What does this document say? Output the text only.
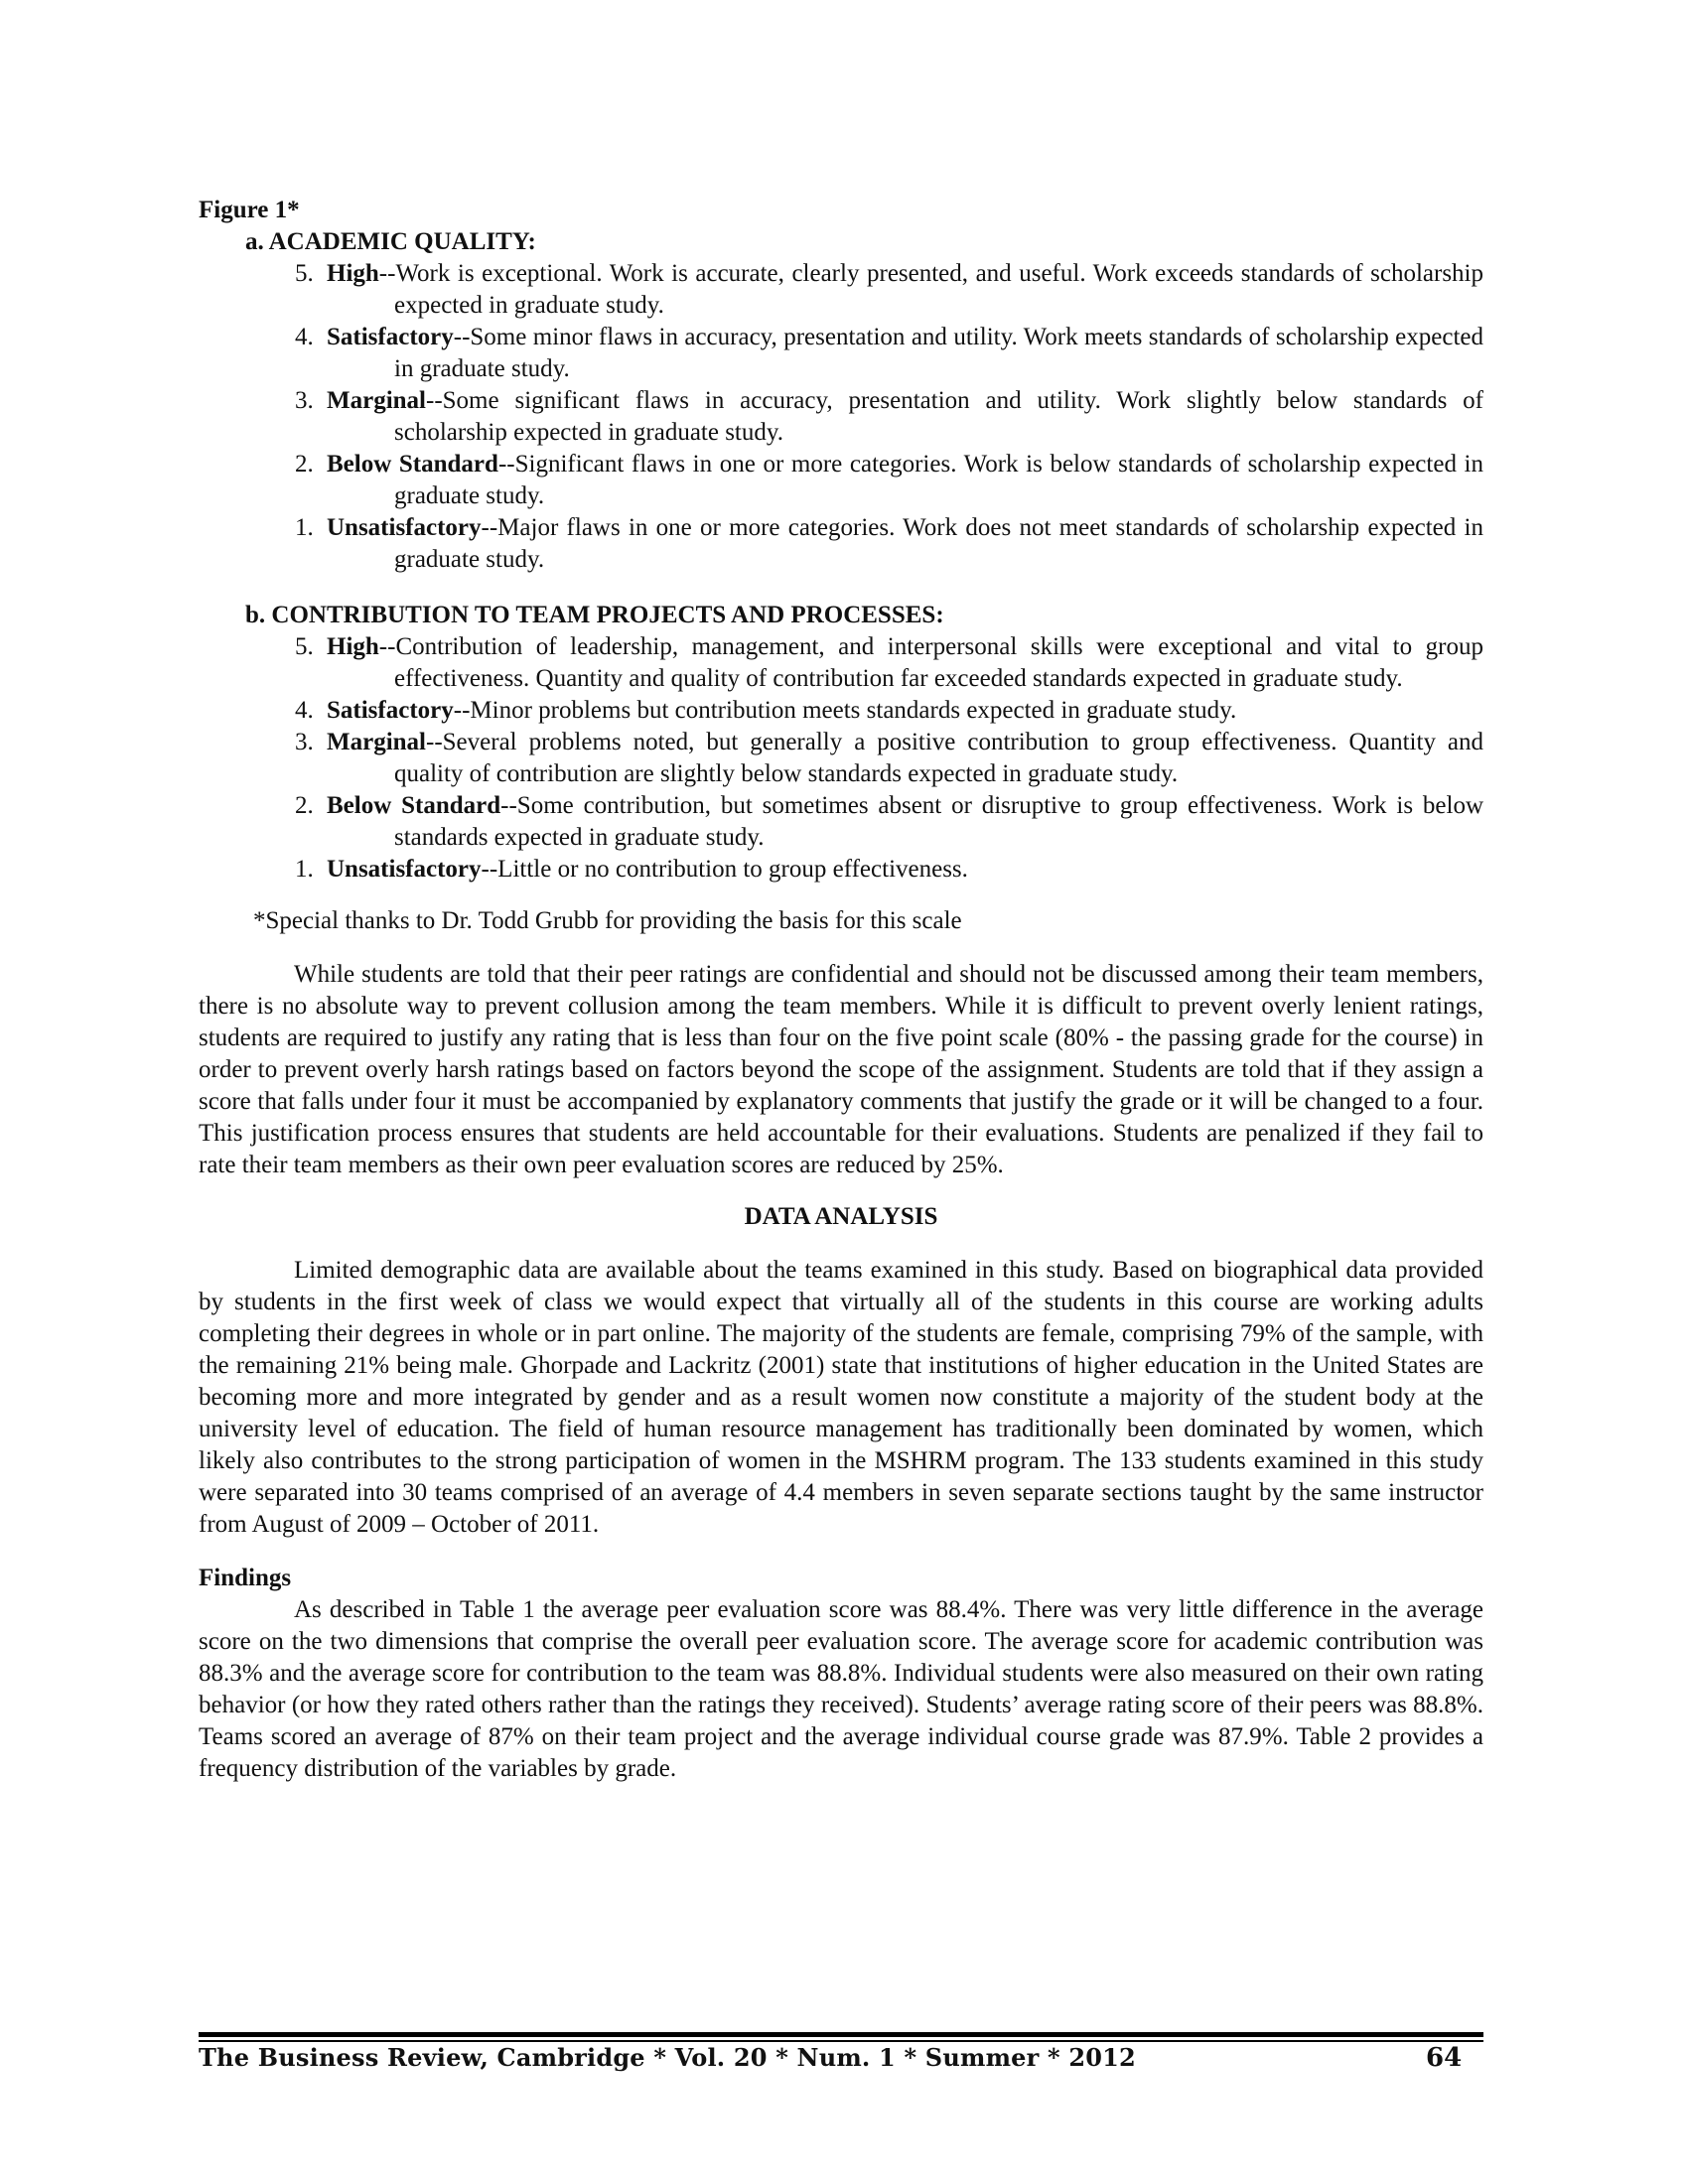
Figure 1*
a. ACADEMIC QUALITY:
5. High--Work is exceptional. Work is accurate, clearly presented, and useful. Work exceeds standards of scholarship expected in graduate study.
4. Satisfactory--Some minor flaws in accuracy, presentation and utility. Work meets standards of scholarship expected in graduate study.
3. Marginal--Some significant flaws in accuracy, presentation and utility. Work slightly below standards of scholarship expected in graduate study.
2. Below Standard--Significant flaws in one or more categories. Work is below standards of scholarship expected in graduate study.
1. Unsatisfactory--Major flaws in one or more categories. Work does not meet standards of scholarship expected in graduate study.
b. CONTRIBUTION TO TEAM PROJECTS AND PROCESSES:
5. High--Contribution of leadership, management, and interpersonal skills were exceptional and vital to group effectiveness. Quantity and quality of contribution far exceeded standards expected in graduate study.
4. Satisfactory--Minor problems but contribution meets standards expected in graduate study.
3. Marginal--Several problems noted, but generally a positive contribution to group effectiveness. Quantity and quality of contribution are slightly below standards expected in graduate study.
2. Below Standard--Some contribution, but sometimes absent or disruptive to group effectiveness. Work is below standards expected in graduate study.
1. Unsatisfactory--Little or no contribution to group effectiveness.
*Special thanks to Dr. Todd Grubb for providing the basis for this scale
While students are told that their peer ratings are confidential and should not be discussed among their team members, there is no absolute way to prevent collusion among the team members. While it is difficult to prevent overly lenient ratings, students are required to justify any rating that is less than four on the five point scale (80% - the passing grade for the course) in order to prevent overly harsh ratings based on factors beyond the scope of the assignment. Students are told that if they assign a score that falls under four it must be accompanied by explanatory comments that justify the grade or it will be changed to a four. This justification process ensures that students are held accountable for their evaluations. Students are penalized if they fail to rate their team members as their own peer evaluation scores are reduced by 25%.
DATA ANALYSIS
Limited demographic data are available about the teams examined in this study. Based on biographical data provided by students in the first week of class we would expect that virtually all of the students in this course are working adults completing their degrees in whole or in part online. The majority of the students are female, comprising 79% of the sample, with the remaining 21% being male. Ghorpade and Lackritz (2001) state that institutions of higher education in the United States are becoming more and more integrated by gender and as a result women now constitute a majority of the student body at the university level of education. The field of human resource management has traditionally been dominated by women, which likely also contributes to the strong participation of women in the MSHRM program. The 133 students examined in this study were separated into 30 teams comprised of an average of 4.4 members in seven separate sections taught by the same instructor from August of 2009 – October of 2011.
Findings
As described in Table 1 the average peer evaluation score was 88.4%. There was very little difference in the average score on the two dimensions that comprise the overall peer evaluation score. The average score for academic contribution was 88.3% and the average score for contribution to the team was 88.8%. Individual students were also measured on their own rating behavior (or how they rated others rather than the ratings they received). Students’ average rating score of their peers was 88.8%. Teams scored an average of 87% on their team project and the average individual course grade was 87.9%. Table 2 provides a frequency distribution of the variables by grade.
The Business Review, Cambridge * Vol. 20 * Num. 1 * Summer * 2012	64
